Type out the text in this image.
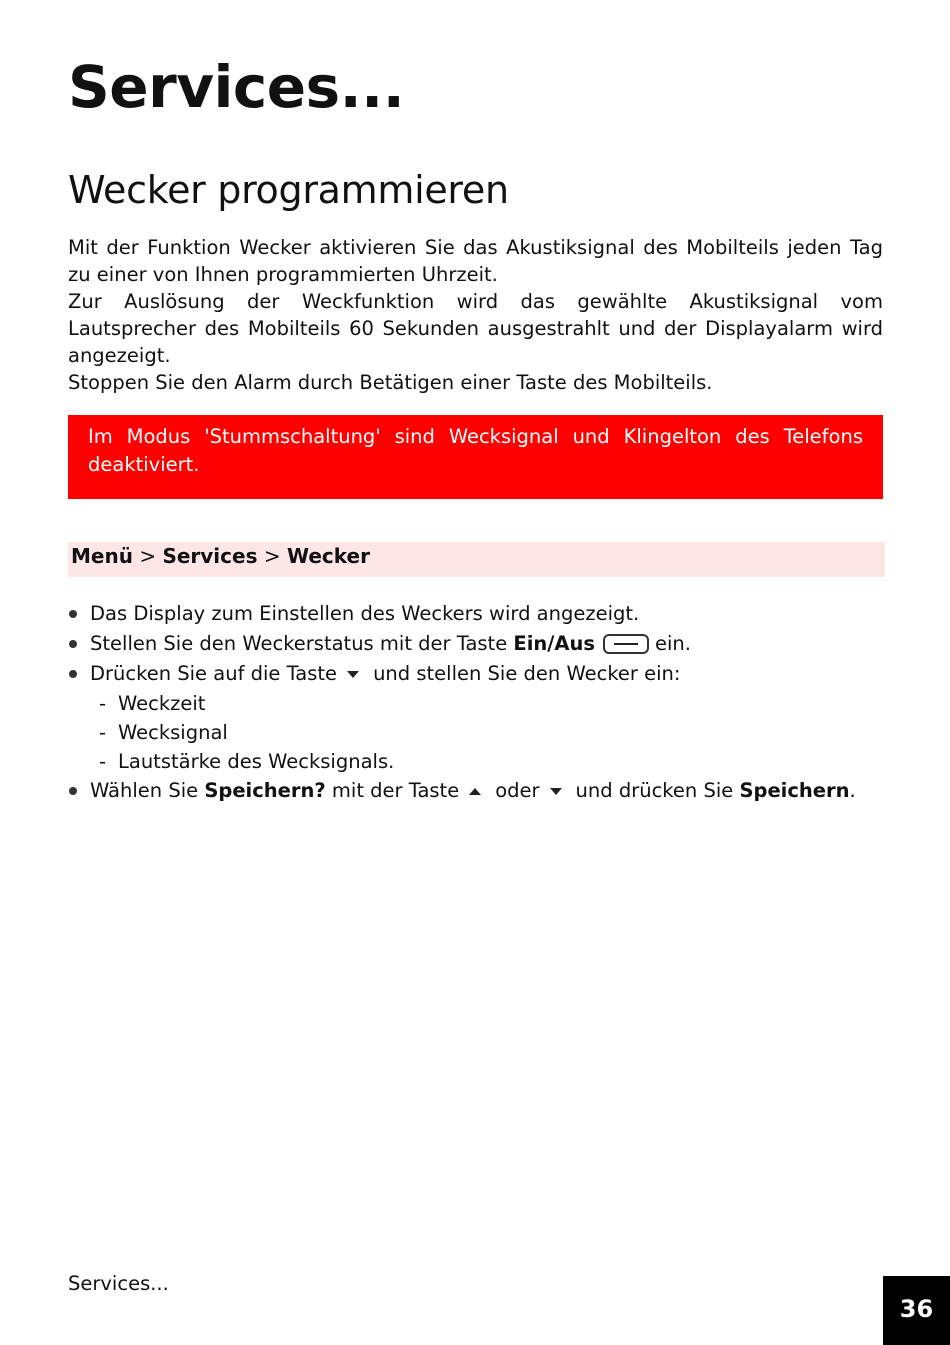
Services...
Wecker programmieren

Mit der Funktion Wecker aktivieren Sie das Akustiksignal des Mobilteils jeden Tag zu einer von Ihnen programmierten Uhrzeit.

Zur Auslösung der Weckfunktion wird das gewählte Akustiksignal vom Lautsprecher des Mobilteils 60 Sekunden ausgestrahlt und der Displayalarm wird angezeigt.

Stoppen Sie den Alarm durch Betätigen einer Taste des Mobilteils.

Im Modus 'Stummschaltung' sind Wecksignal und Klingelton des Telefons deaktiviert.
Menü > Services > Wecker
Das Display zum Einstellen des Weckers wird angezeigt.
Stellen Sie den Weckerstatus mit der Taste Ein/Aus	ein.
Drücken Sie auf die Taste und stellen Sie den Wecker ein:
- Weckzeit
- Wecksignal
- Lautstärke des Wecksignals.
Wählen Sie Speichern? mit der Taste oder und drücken Sie Speichern.
Services...
36
